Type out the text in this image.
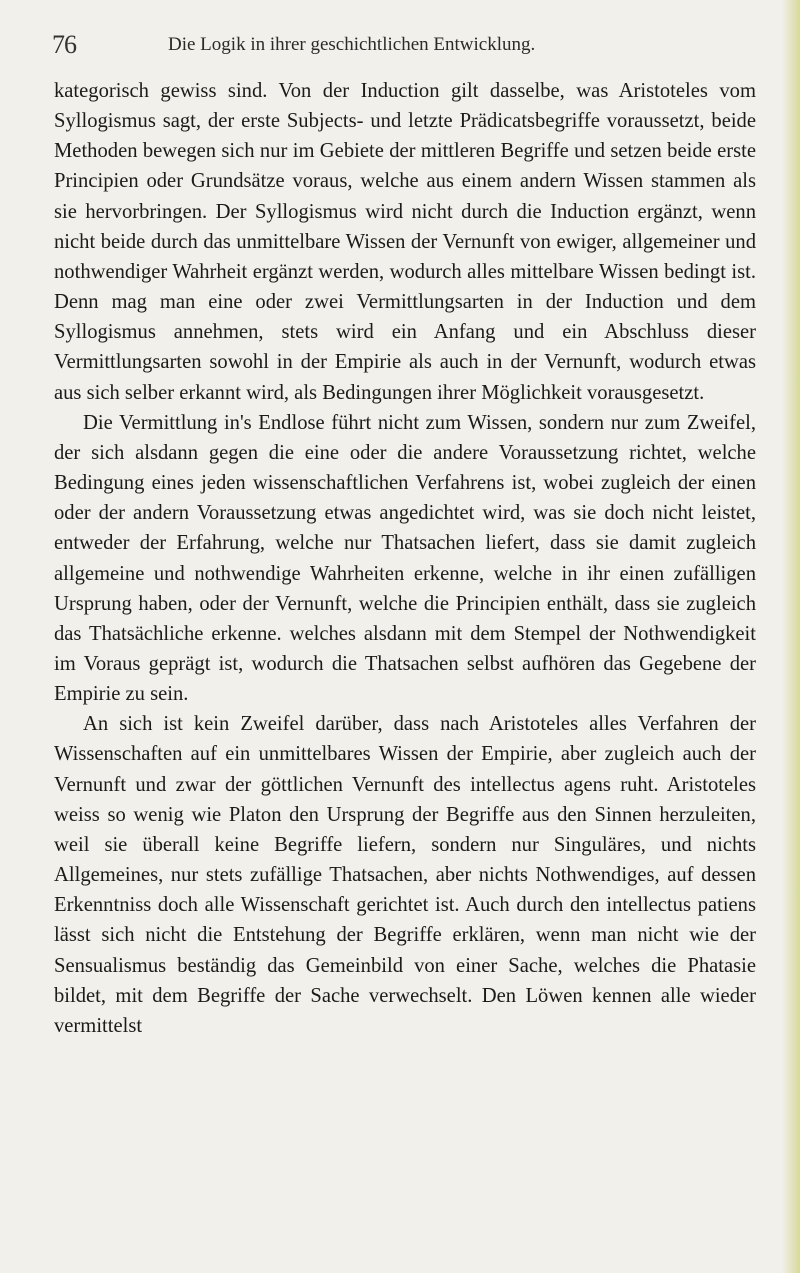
76	Die Logik in ihrer geschichtlichen Entwicklung.

kategorisch gewiss sind. Von der Induction gilt dasselbe, was Aristoteles vom Syllogismus sagt, der erste Subjects- und letzte Prädicatsbegriffe voraussetzt, beide Methoden bewegen sich nur im Gebiete der mittleren Begriffe und setzen beide erste Principien oder Grundsätze voraus, welche aus einem andern Wissen stammen als sie hervorbringen. Der Syllogismus wird nicht durch die Induction ergänzt, wenn nicht beide durch das unmittelbare Wissen der Vernunft von ewiger, allgemeiner und nothwendiger Wahrheit ergänzt werden, wodurch alles mittelbare Wissen bedingt ist. Denn mag man eine oder zwei Vermittlungsarten in der Induction und dem Syllogismus annehmen, stets wird ein Anfang und ein Abschluss dieser Vermittlungsarten sowohl in der Empirie als auch in der Vernunft, wodurch etwas aus sich selber erkannt wird, als Bedingungen ihrer Möglichkeit vorausgesetzt.

Die Vermittlung in's Endlose führt nicht zum Wissen, sondern nur zum Zweifel, der sich alsdann gegen die eine oder die andere Voraussetzung richtet, welche Bedingung eines jeden wissenschaftlichen Verfahrens ist, wobei zugleich der einen oder der andern Voraussetzung etwas angedichtet wird, was sie doch nicht leistet, entweder der Erfahrung, welche nur Thatsachen liefert, dass sie damit zugleich allgemeine und nothwendige Wahrheiten erkenne, welche in ihr einen zufälligen Ursprung haben, oder der Vernunft, welche die Principien enthält, dass sie zugleich das Thatsächliche erkenne. welches alsdann mit dem Stempel der Nothwendigkeit im Voraus geprägt ist, wodurch die Thatsachen selbst aufhören das Gegebene der Empirie zu sein.

An sich ist kein Zweifel darüber, dass nach Aristoteles alles Verfahren der Wissenschaften auf ein unmittelbares Wissen der Empirie, aber zugleich auch der Vernunft und zwar der göttlichen Vernunft des intellectus agens ruht. Aristoteles weiss so wenig wie Platon den Ursprung der Begriffe aus den Sinnen herzuleiten, weil sie überall keine Begriffe liefern, sondern nur Singuläres, und nichts Allgemeines, nur stets zufällige Thatsachen, aber nichts Nothwendiges, auf dessen Erkenntniss doch alle Wissenschaft gerichtet ist. Auch durch den intellectus patiens lässt sich nicht die Entstehung der Begriffe erklären, wenn man nicht wie der Sensualismus beständig das Gemeinbild von einer Sache, welches die Phatasie bildet, mit dem Begriffe der Sache verwechselt. Den Löwen kennen alle wieder vermittelst
